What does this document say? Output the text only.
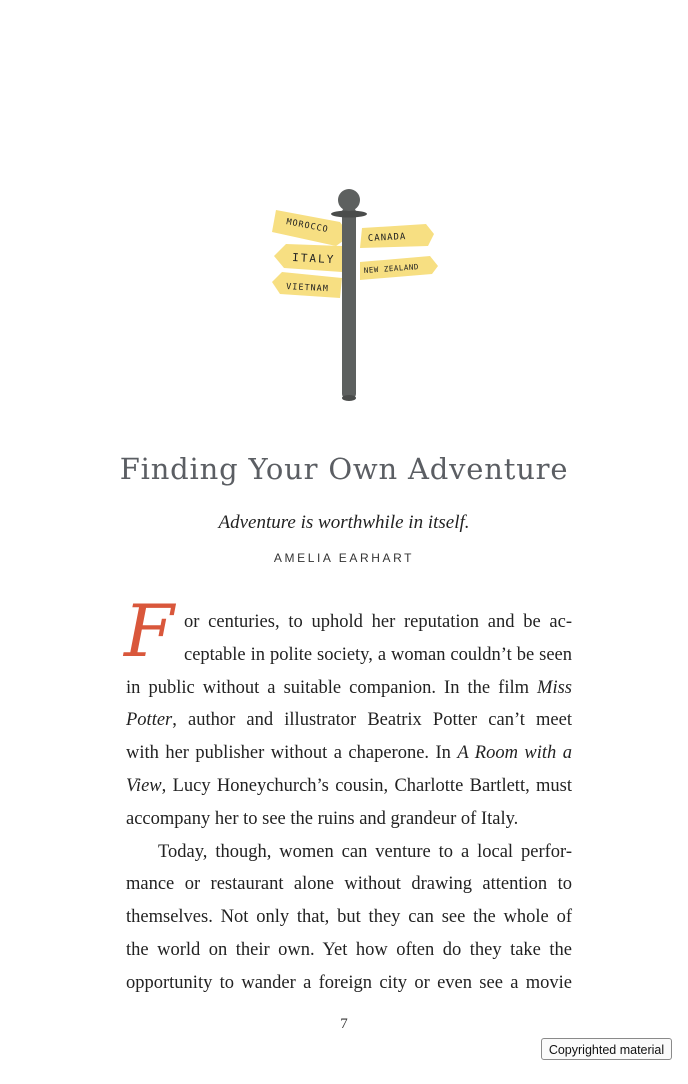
MOROCCO
ITALY
VIETNAM
CANADA
NEW ZEALAND
Finding Your Own Adventure
Adventure is worthwhile in itself.
AMELIA EARHART
F or centuries, to uphold her reputation and be ac-
ceptable in polite society, a woman couldn’t be seen
in public without a suitable companion. In the film Miss
Potter, author and illustrator Beatrix Potter can’t meet
with her publisher without a chaperone. In A Room with a
View, Lucy Honeychurch’s cousin, Charlotte Bartlett, must
accompany her to see the ruins and grandeur of Italy.
Today, though, women can venture to a local perfor-
mance or restaurant alone without drawing attention to
themselves. Not only that, but they can see the whole of
the world on their own. Yet how often do they take the
opportunity to wander a foreign city or even see a movie
7
Copyrighted material
